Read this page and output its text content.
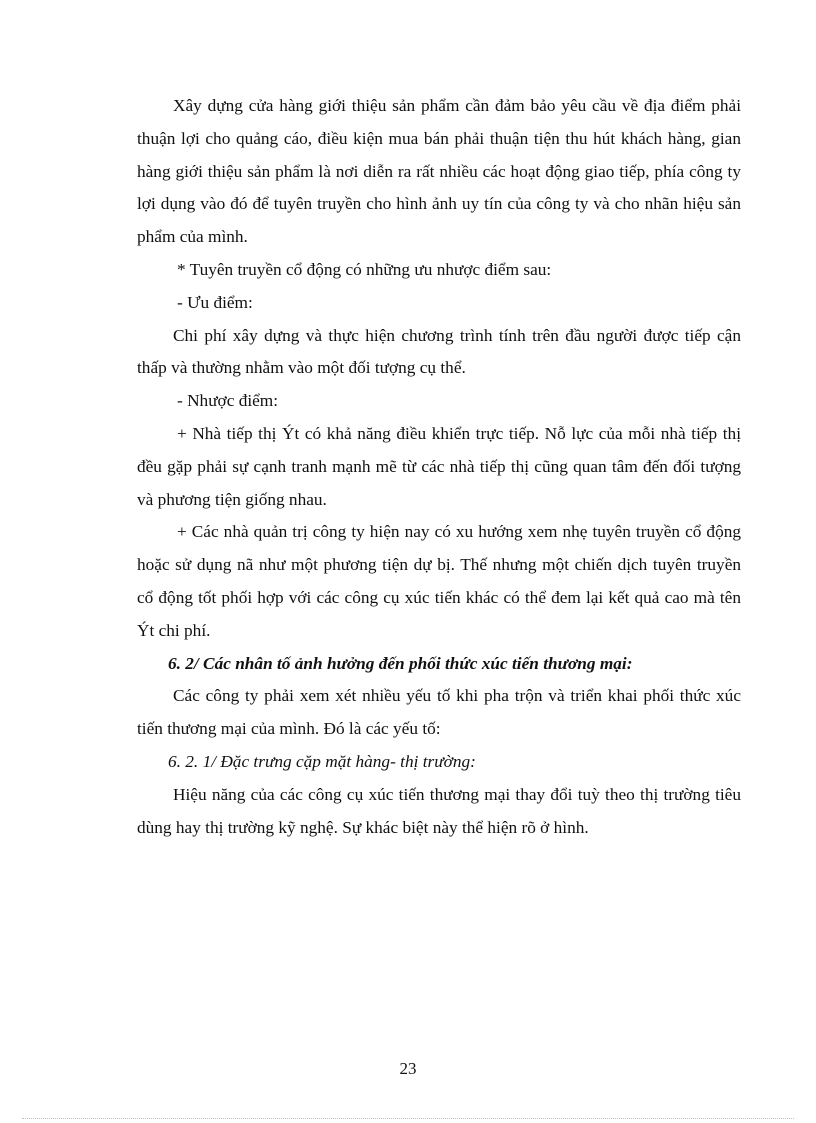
Xây dựng cửa hàng giới thiệu sản phẩm cần đảm bảo yêu cầu về địa điểm phải thuận lợi cho quảng cáo, điều kiện mua bán phải thuận tiện thu hút khách hàng, gian hàng giới thiệu sản phẩm là nơi diễn ra rất nhiều các hoạt động giao tiếp, phía công ty lợi dụng vào đó để tuyên truyền cho hình ảnh uy tín của công ty và cho nhãn hiệu sản phẩm của mình.

* Tuyên truyền cổ động có những ưu nhược điểm sau:

- Ưu điểm:

Chi phí xây dựng và thực hiện chương trình tính trên đầu người được tiếp cận thấp và thường nhằm vào một đối tượng cụ thể.

- Nhược điểm:

+ Nhà tiếp thị Ýt có khả năng điều khiển trực tiếp. Nỗ lực của mỗi nhà tiếp thị đều gặp phải sự cạnh tranh mạnh mẽ từ các nhà tiếp thị cũng quan tâm đến đối tượng và phương tiện giống nhau.

+ Các nhà quản trị công ty hiện nay có xu hướng xem nhẹ tuyên truyền cổ động hoặc sử dụng nã như một phương tiện dự bị. Thế nhưng một chiến dịch tuyên truyền cổ động tốt phối hợp với các công cụ xúc tiến khác có thể đem lại kết quả cao mà tên Ýt chi phí.

6. 2/ Các nhân tố ảnh hưởng đến phối thức xúc tiến thương mại:

Các công ty phải xem xét nhiều yếu tố khi pha trộn và triển khai phối thức xúc tiến thương mại của mình. Đó là các yếu tố:

6. 2. 1/ Đặc trưng cặp mặt hàng- thị trường:

Hiệu năng của các công cụ xúc tiến thương mại thay đổi tuỳ theo thị trường tiêu dùng hay thị trường kỹ nghệ. Sự khác biệt này thể hiện rõ ở hình.

23
